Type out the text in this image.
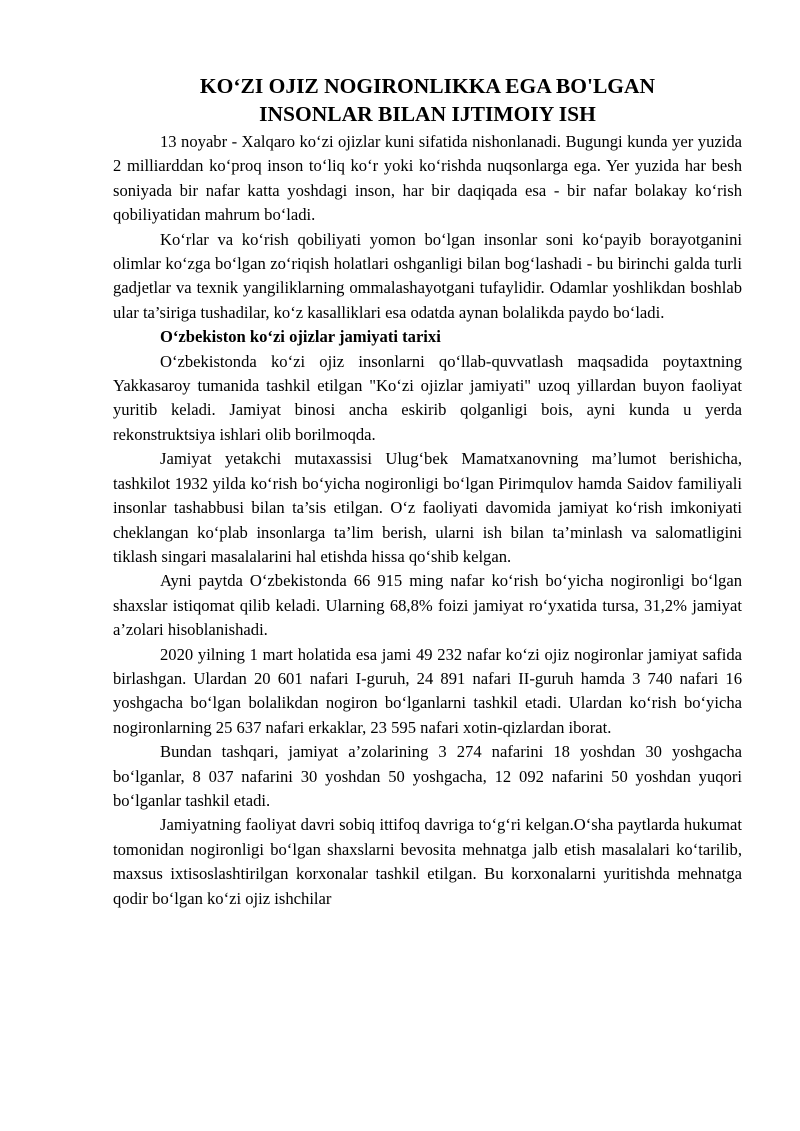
KO‘ZI OJIZ NOGIRONLIKKA EGA BO'LGAN
INSONLAR BILAN IJTIMOIY ISH

13 noyabr - Xalqaro ko‘zi ojizlar kuni sifatida nishonlanadi. Bugungi kunda yer yuzida 2 milliarddan ko‘proq inson to‘liq ko‘r yoki ko‘rishda nuqsonlarga ega. Yer yuzida har besh soniyada bir nafar katta yoshdagi inson, har bir daqiqada esa - bir nafar bolakay ko‘rish qobiliyatidan mahrum bo‘ladi.

Ko‘rlar va ko‘rish qobiliyati yomon bo‘lgan insonlar soni ko‘payib borayotganini olimlar ko‘zga bo‘lgan zo‘riqish holatlari oshganligi bilan bog‘lashadi - bu birinchi galda turli gadjetlar va texnik yangiliklarning ommalashayotgani tufaylidir. Odamlar yoshlikdan boshlab ular ta’siriga tushadilar, ko‘z kasalliklari esa odatda aynan bolalikda paydo bo‘ladi.

O‘zbekiston ko‘zi ojizlar jamiyati tarixi

O‘zbekistonda ko‘zi ojiz insonlarni qo‘llab-quvvatlash maqsadida poytaxtning Yakkasaroy tumanida tashkil etilgan "Ko‘zi ojizlar jamiyati" uzoq yillardan buyon faoliyat yuritib keladi. Jamiyat binosi ancha eskirib qolganligi bois, ayni kunda u yerda rekonstruktsiya ishlari olib borilmoqda.

Jamiyat yetakchi mutaxassisi Ulug‘bek Mamatxanovning ma’lumot berishicha, tashkilot 1932 yilda ko‘rish bo‘yicha nogironligi bo‘lgan Pirimqulov hamda Saidov familiyali insonlar tashabbusi bilan ta’sis etilgan. O‘z faoliyati davomida jamiyat ko‘rish imkoniyati cheklangan ko‘plab insonlarga ta’lim berish, ularni ish bilan ta’minlash va salomatligini tiklash singari masalalarini hal etishda hissa qo‘shib kelgan.

Ayni paytda O‘zbekistonda 66 915 ming nafar ko‘rish bo‘yicha nogironligi bo‘lgan shaxslar istiqomat qilib keladi. Ularning 68,8% foizi jamiyat ro‘yxatida tursa, 31,2% jamiyat a’zolari hisoblanishadi.

2020 yilning 1 mart holatida esa jami 49 232 nafar ko‘zi ojiz nogironlar jamiyat safida birlashgan. Ulardan 20 601 nafari I-guruh, 24 891 nafari II-guruh hamda 3 740 nafari 16 yoshgacha bo‘lgan bolalikdan nogiron bo‘lganlarni tashkil etadi. Ulardan ko‘rish bo‘yicha nogironlarning 25 637 nafari erkaklar, 23 595 nafari xotin-qizlardan iborat.

Bundan tashqari, jamiyat a’zolarining 3 274 nafarini 18 yoshdan 30 yoshgacha bo‘lganlar, 8 037 nafarini 30 yoshdan 50 yoshgacha, 12 092 nafarini 50 yoshdan yuqori bo‘lganlar tashkil etadi.

Jamiyatning faoliyat davri sobiq ittifoq davriga to‘g‘ri kelgan.O‘sha paytlarda hukumat tomonidan nogironligi bo‘lgan shaxslarni bevosita mehnatga jalb etish masalalari ko‘tarilib, maxsus ixtisoslashtirilgan korxonalar tashkil etilgan. Bu korxonalarni yuritishda mehnatga qodir bo‘lgan ko‘zi ojiz ishchilar
